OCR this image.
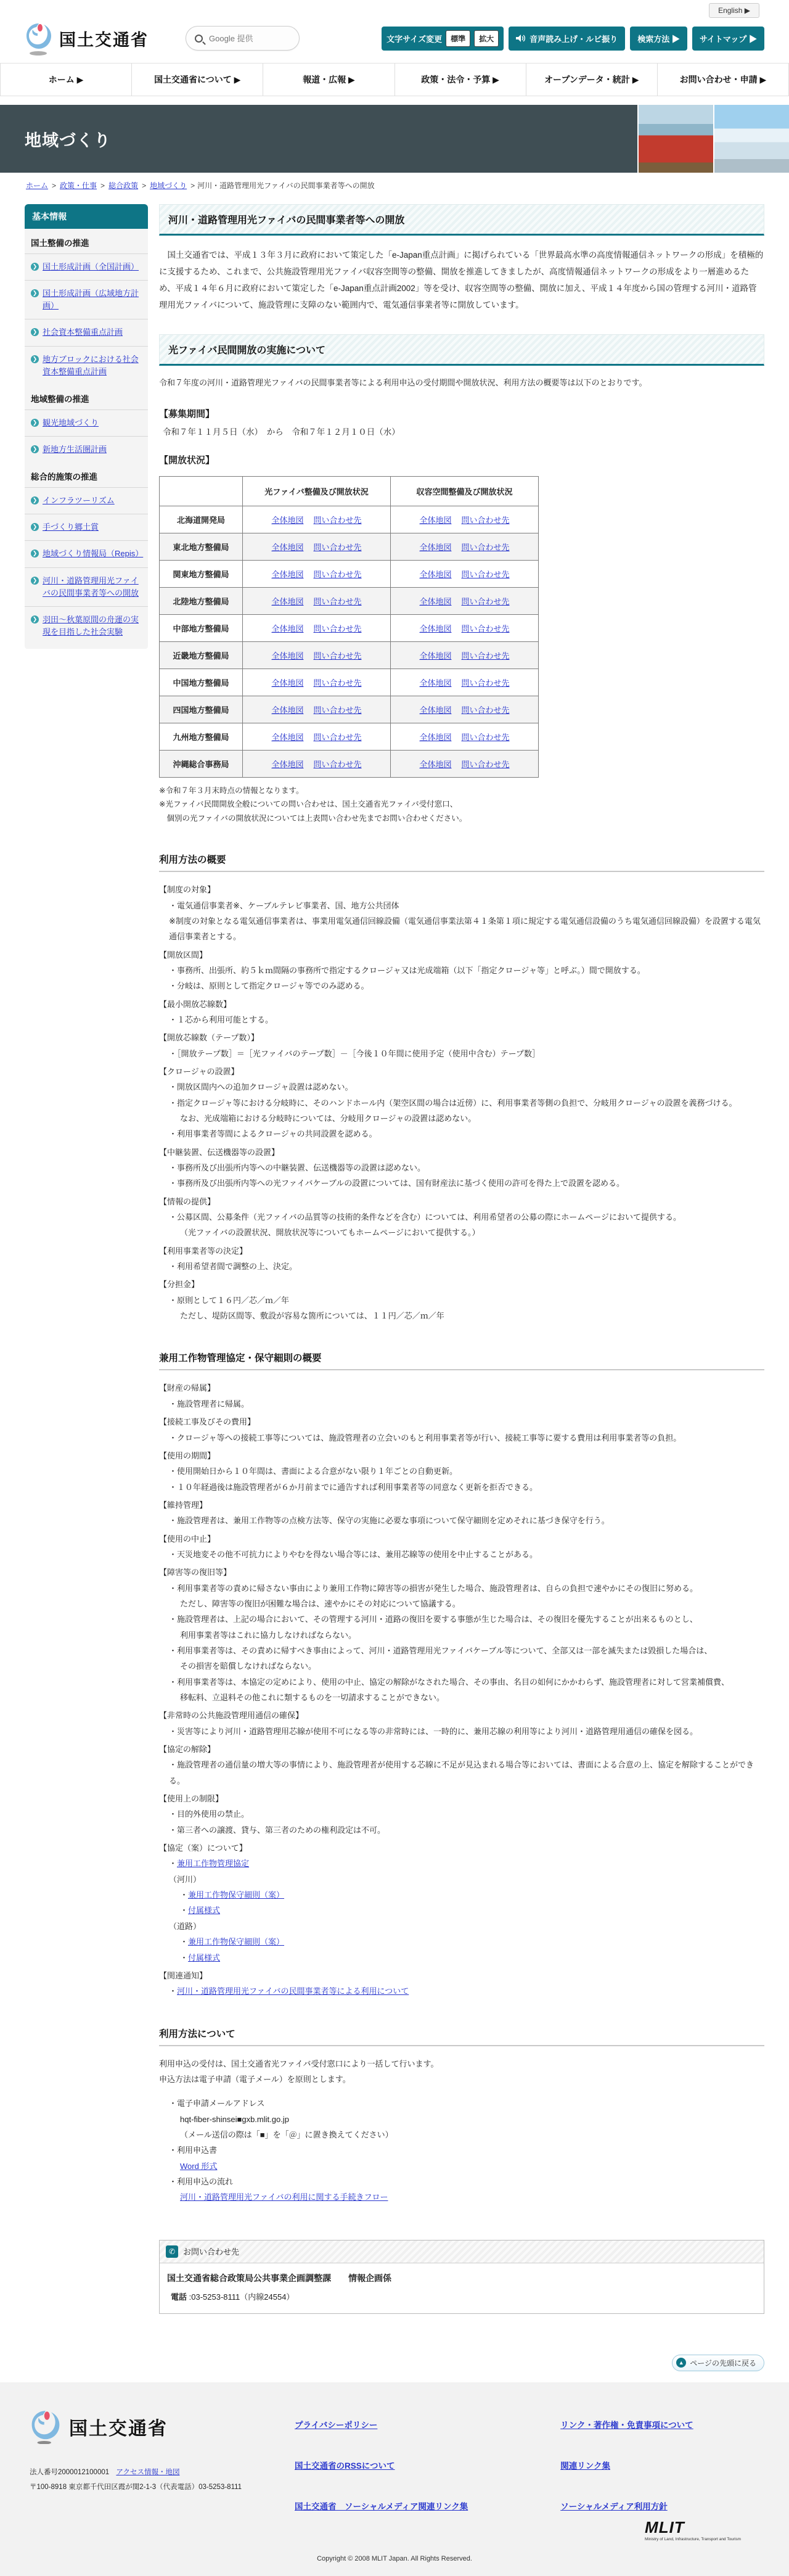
English ▶
国土交通省
Google 提供	文字サイズ変更	標準	拡大	音声読み上げ・ルビ振り	検索方法 ▶	サイトマップ ▶
ホーム ▶	国土交通省について ▶	報道・広報 ▶	政策・法令・予算 ▶	オープンデータ・統計 ▶	お問い合わせ・申請 ▶
地域づくり
ホーム > 政策・仕事 > 総合政策 > 地域づくり > 河川・道路管理用光ファイバの民間事業者等への開放
基本情報
国土整備の推進
❯ 国土形成計画（全国計画）
❯ 国土形成計画（広域地方計画）
❯ 社会資本整備重点計画
❯ 地方ブロックにおける社会資本整備重点計画
地域整備の推進
❯ 観光地域づくり
❯ 新地方生活圏計画
総合的施策の推進
❯ インフラツーリズム
❯ 手づくり郷土賞
❯ 地域づくり情報局（Repis）
❯ 河川・道路管理用光ファイバの民間事業者等への開放
❯ 羽田～秋葉原間の舟運の実現を目指した社会実験
河川・道路管理用光ファイバの民間事業者等への開放

国土交通省では、平成１３年３月に政府において策定した「e-Japan重点計画」に掲げられている「世界最高水準の高度情報通信ネットワークの形成」を積極的に支援するため、これまで、公共施設管理用光ファイバ収容空間等の整備、開放を推進してきましたが、高度情報通信ネットワークの形成をより一層進めるため、平成１４年６月に政府において策定した「e-Japan重点計画2002」等を受け、収容空間等の整備、開放に加え、平成１４年度から国の管理する河川・道路管理用光ファイバについて、施設管理に支障のない範囲内で、電気通信事業者等に開放しています。

光ファイバ民間開放の実施について

令和７年度の河川・道路管理光ファイバの民間事業者等による利用申込の受付期間や開放状況、利用方法の概要等は以下のとおりです。

【募集期間】
令和７年１１月５日（水）　から　令和７年１２月１０日（水）
【開放状況】
	光ファイバ整備及び開放状況	収容空間整備及び開放状況
北海道開発局	全体地図 問い合わせ先	全体地図 問い合わせ先
東北地方整備局	全体地図 問い合わせ先	全体地図 問い合わせ先
関東地方整備局	全体地図 問い合わせ先	全体地図 問い合わせ先
北陸地方整備局	全体地図 問い合わせ先	全体地図 問い合わせ先
中部地方整備局	全体地図 問い合わせ先	全体地図 問い合わせ先
近畿地方整備局	全体地図 問い合わせ先	全体地図 問い合わせ先
中国地方整備局	全体地図 問い合わせ先	全体地図 問い合わせ先
四国地方整備局	全体地図 問い合わせ先	全体地図 問い合わせ先
九州地方整備局	全体地図 問い合わせ先	全体地図 問い合わせ先
沖縄総合事務局	全体地図 問い合わせ先	全体地図 問い合わせ先
※令和７年３月末時点の情報となります。
※光ファイバ民間開放全般についての問い合わせは、国土交通省光ファイバ受付窓口、
　個別の光ファイバの開放状況については上表問い合わせ先までお問い合わせください。
利用方法の概要
【制度の対象】
・電気通信事業者※、ケーブルテレビ事業者、国、地方公共団体
※制度の対象となる電気通信事業者は、事業用電気通信回線設備（電気通信事業法第４１条第１項に規定する電気通信設備のうち電気通信回線設備）を設置する電気通信事業者とする。
【開放区間】
・事務所、出張所、約５ｋｍ間隔の事務所で指定するクロージャ又は光成端箱（以下「指定クロージャ等」と呼ぶ。）間で開放する。
・分岐は、原則として指定クロージャ等でのみ認める。
【最小開放芯線数】
・１芯から利用可能とする。
【開放芯線数（テープ数）】
・［開放テープ数］＝［光ファイバのテープ数］－［今後１０年間に使用予定（使用中含む）テープ数］
【クロージャの設置】
・開放区間内への追加クロージャ設置は認めない。
・指定クロージャ等における分岐時に、そのハンドホール内（架空区間の場合は近傍）に、利用事業者等側の負担で、分岐用クロージャの設置を義務づける。
なお、光成端箱における分岐時については、分岐用クロージャの設置は認めない。
・利用事業者等間によるクロージャの共同設置を認める。
【中継装置、伝送機器等の設置】
・事務所及び出張所内等への中継装置、伝送機器等の設置は認めない。
・事務所及び出張所内等への光ファイバケーブルの設置については、国有財産法に基づく使用の許可を得た上で設置を認める。
【情報の提供】
・公募区間、公募条件（光ファイバの品質等の技術的条件などを含む）については、利用希望者の公募の際にホームページにおいて提供する。
（光ファイバの設置状況、開放状況等についてもホームページにおいて提供する。）
【利用事業者等の決定】
・利用希望者間で調整の上、決定。
【分担金】
・原則として１６円／芯／ｍ／年
ただし、堤防区間等、敷設が容易な箇所については、１１円／芯／ｍ／年
兼用工作物管理協定・保守細則の概要
【財産の帰属】
・施設管理者に帰属。
【接続工事及びその費用】
・クロージャ等への接続工事等については、施設管理者の立会いのもと利用事業者等が行い、接続工事等に要する費用は利用事業者等の負担。
【使用の期間】
・使用開始日から１０年間は、書面による合意がない限り１年ごとの自動更新。
・１０年経過後は施設管理者が６か月前までに通告すれば利用事業者等の同意なく更新を拒否できる。
【維持管理】
・施設管理者は、兼用工作物等の点検方法等、保守の実施に必要な事項について保守細則を定めそれに基づき保守を行う。
【使用の中止】
・天災地変その他不可抗力によりやむを得ない場合等には、兼用芯線等の使用を中止することがある。
【障害等の復旧等】
・利用事業者等の責めに帰さない事由により兼用工作物に障害等の損害が発生した場合、施設管理者は、自らの負担で速やかにその復旧に努める。
ただし、障害等の復旧が困難な場合は、速やかにその対応について協議する。
・施設管理者は、上記の場合において、その管理する河川・道路の復旧を要する事態が生じた場合は、その復旧を優先することが出来るものとし、
利用事業者等はこれに協力しなければならない。
・利用事業者等は、その責めに帰すべき事由によって、河川・道路管理用光ファイバケーブル等について、全部又は一部を滅失または毀損した場合は、
その損害を賠償しなければならない。
・利用事業者等は、本協定の定めにより、使用の中止、協定の解除がなされた場合、その事由、名目の如何にかかわらず、施設管理者に対して営業補償費、
移転料、立退料その他これに類するものを一切請求することができない。
【非常時の公共施設管理用通信の確保】
・災害等により河川・道路管理用芯線が使用不可になる等の非常時には、一時的に、兼用芯線の利用等により河川・道路管理用通信の確保を図る。
【協定の解除】
・施設管理者の通信量の増大等の事情により、施設管理者が使用する芯線に不足が見込まれる場合等においては、書面による合意の上、協定を解除することができる。
【使用上の制限】
・目的外使用の禁止。
・第三者への譲渡、貸与、第三者のための権利設定は不可。
【協定（案）について】
・兼用工作物管理協定
（河川）
・兼用工作物保守細則（案）
・付属様式
（道路）
・兼用工作物保守細則（案）
・付属様式
【関連通知】
・河川・道路管理用光ファイバの民間事業者等による利用について
利用方法について
利用申込の受付は、国土交通省光ファイバ受付窓口により一括して行います。
申込方法は電子申請（電子メール）を原則とします。
・電子申請メールアドレス
hqt-fiber-shinsei■gxb.mlit.go.jp
（メール送信の際は「■」を「＠」に置き換えてください）
・利用申込書
Word 形式
・利用申込の流れ
河川・道路管理用光ファイバの利用に関する手続きフロー
✆ お問い合わせ先
国土交通省総合政策局公共事業企画調整課　　情報企画係
電話 :03-5253-8111（内線24554）
▲ ページの先頭に戻る
国土交通省
法人番号2000012100001 アクセス情報・地図
〒100-8918 東京都千代田区霞が関2-1-3（代表電話）03-5253-8111
プライバシーポリシー
国土交通省のRSSについて
国土交通省　ソーシャルメディア関連リンク集
リンク・著作権・免責事項について
関連リンク集
ソーシャルメディア利用方針
MLIT
Ministry of Land, Infrastructure, Transport and Tourism
Copyright © 2008 MLIT Japan. All Rights Reserved.
